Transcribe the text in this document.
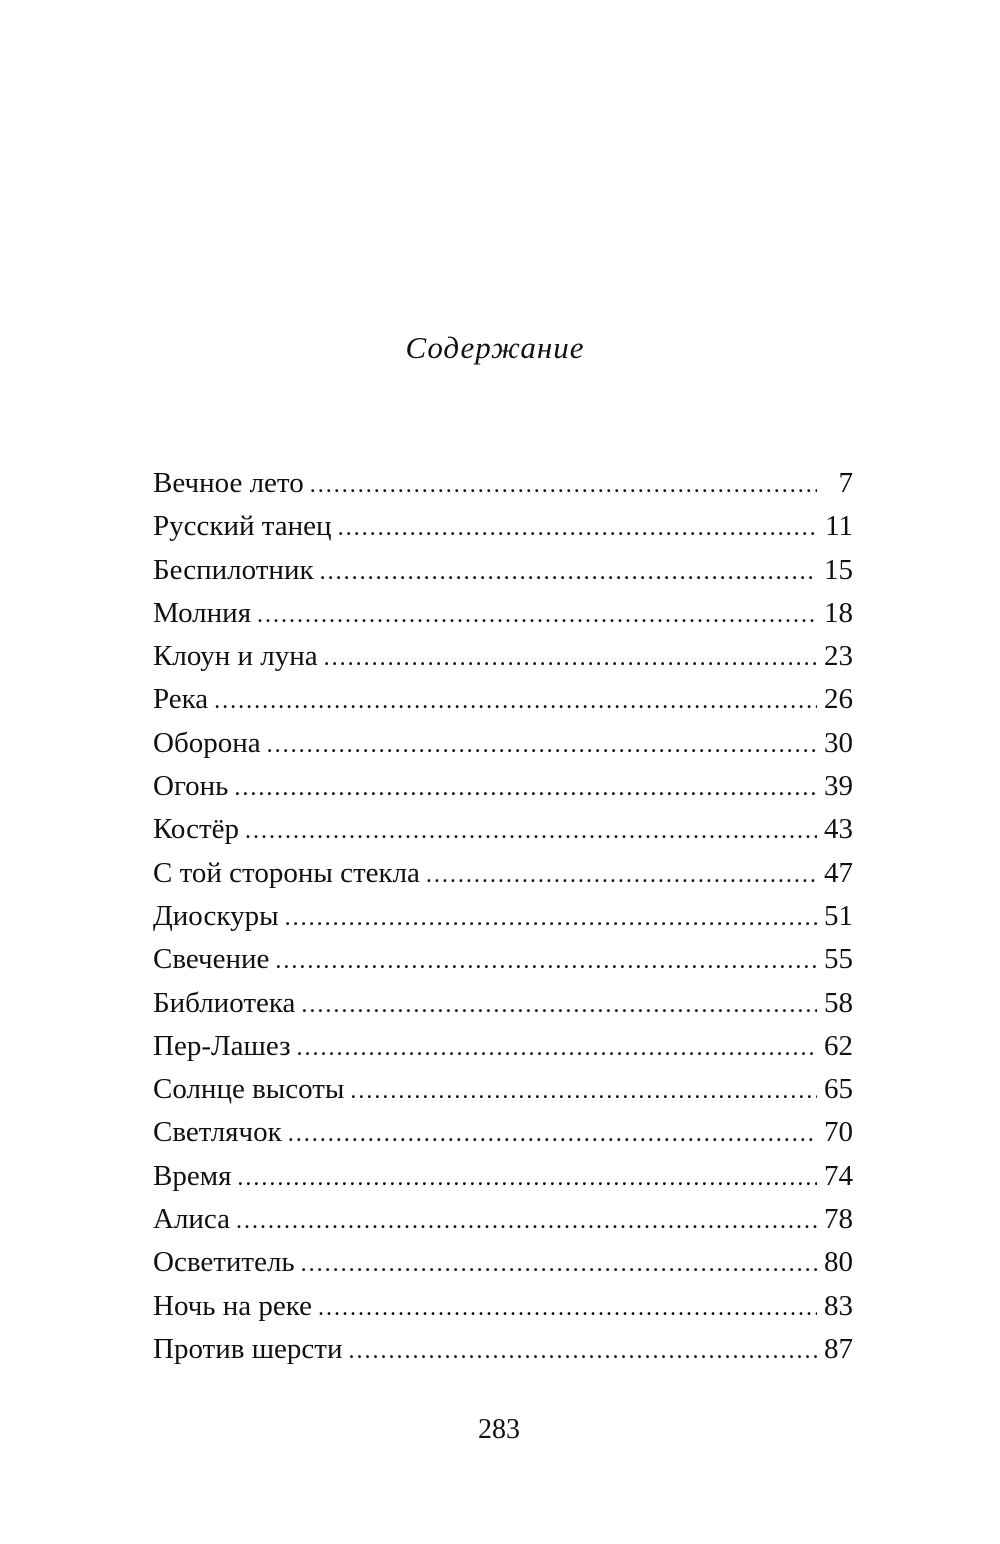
Содержание
Вечное лето .....	7
Русский танец .....	11
Беспилотник .....	15
Молния .....	18
Клоун и луна .....	23
Река .....	26
Оборона .....	30
Огонь .....	39
Костёр .....	43
С той стороны стекла .....	47
Диоскуры .....	51
Свечение .....	55
Библиотека .....	58
Пер-Лашез .....	62
Солнце высоты .....	65
Светлячок .....	70
Время .....	74
Алиса .....	78
Осветитель .....	80
Ночь на реке .....	83
Против шерсти .....	87
283
